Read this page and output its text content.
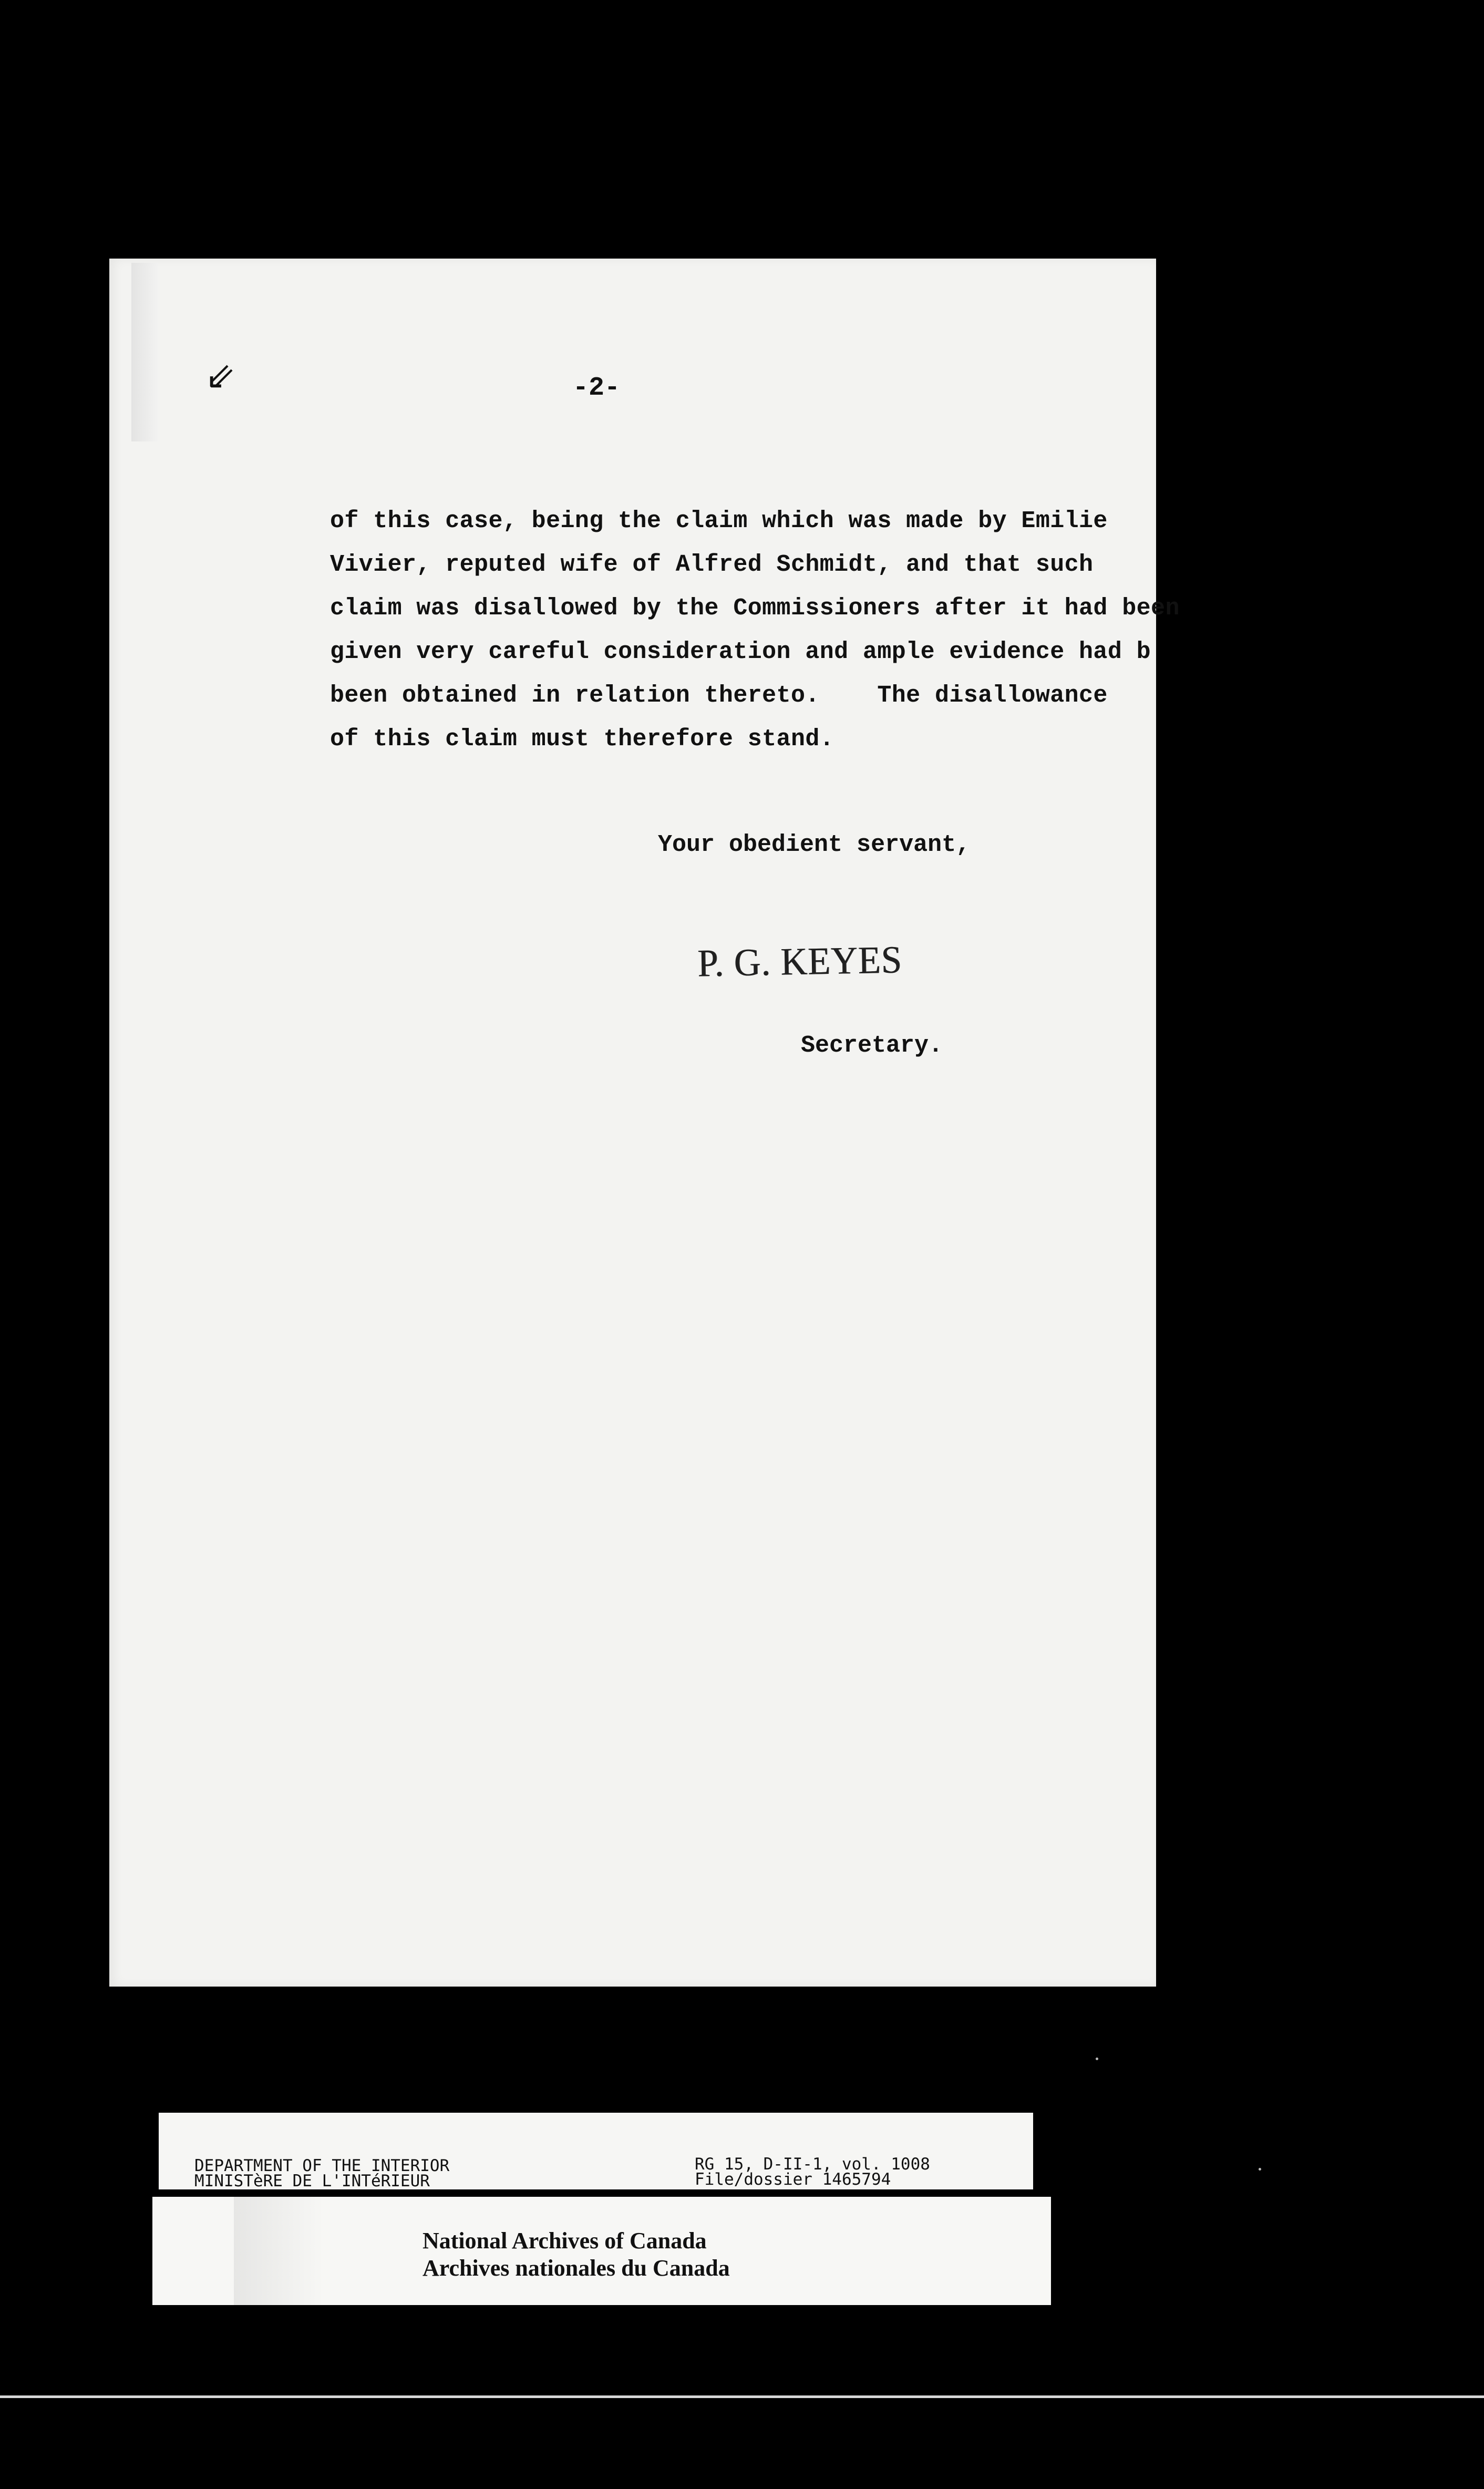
⇙	-2-
of this case, being the claim which was made by Emilie
Vivier, reputed wife of Alfred Schmidt, and that such
claim was disallowed by the Commissioners after it had been
given very careful consideration and ample evidence had b
been obtained in relation thereto.    The disallowance
of this claim must therefore stand.
Your obedient servant,
P. G. KEYES
Secretary.
DEPARTMENT OF THE INTERIOR
MINISTèRE DE L'INTéRIEUR
RG 15, D-II-1, vol. 1008
File/dossier 1465794
National Archives of Canada
Archives nationales du Canada
